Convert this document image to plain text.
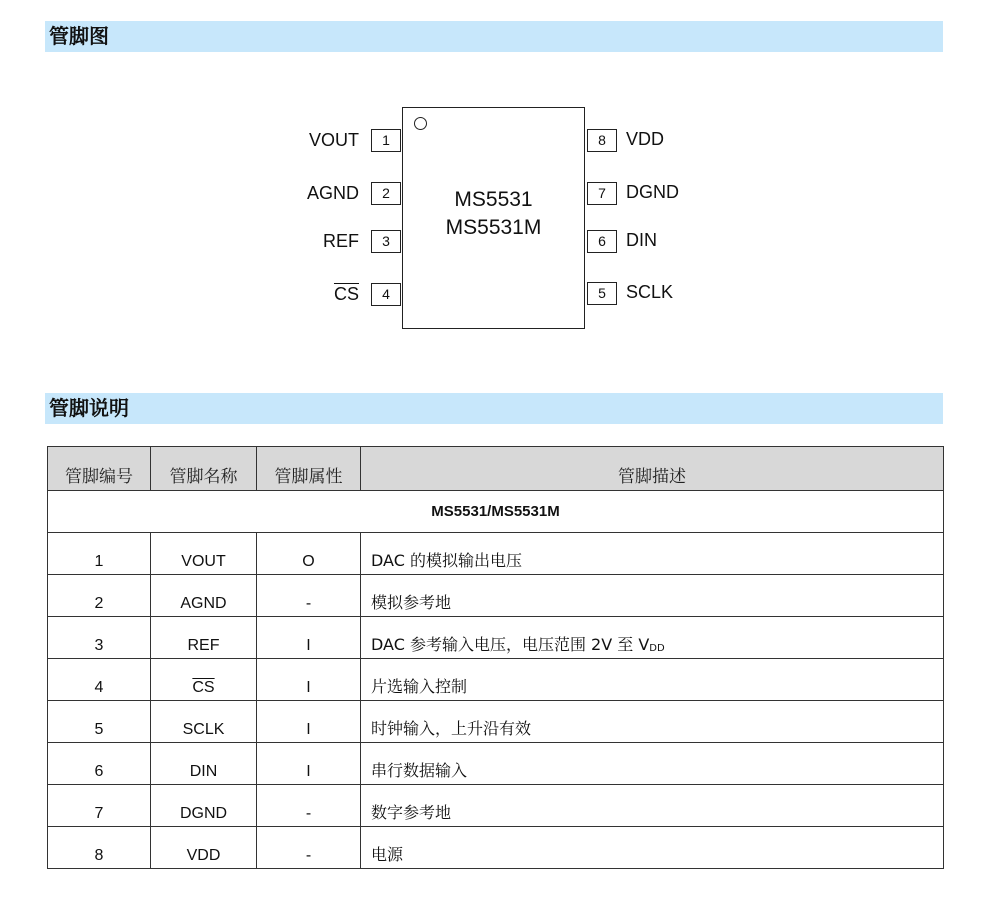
管脚图
MS5531
MS5531M
VOUT	1
AGND	2
REF	3
$\overline{CS}$	4
8	VDD
7	DGND
6	DIN
5	SCLK
管脚说明
管脚编号	管脚名称	管脚属性	管脚描述
MS5531/MS5531M			
1	VOUT	O	DAC 的模拟输出电压
2	AGND	-	模拟参考地
3	REF	I	DAC 参考输入电压，电压范围 2V 至 $V_{DD}$
4	$\overline{CS}$	I	片选输入控制
5	SCLK	I	时钟输入，上升沿有效
6	DIN	I	串行数据输入
7	DGND	-	数字参考地
8	VDD	-	电源
